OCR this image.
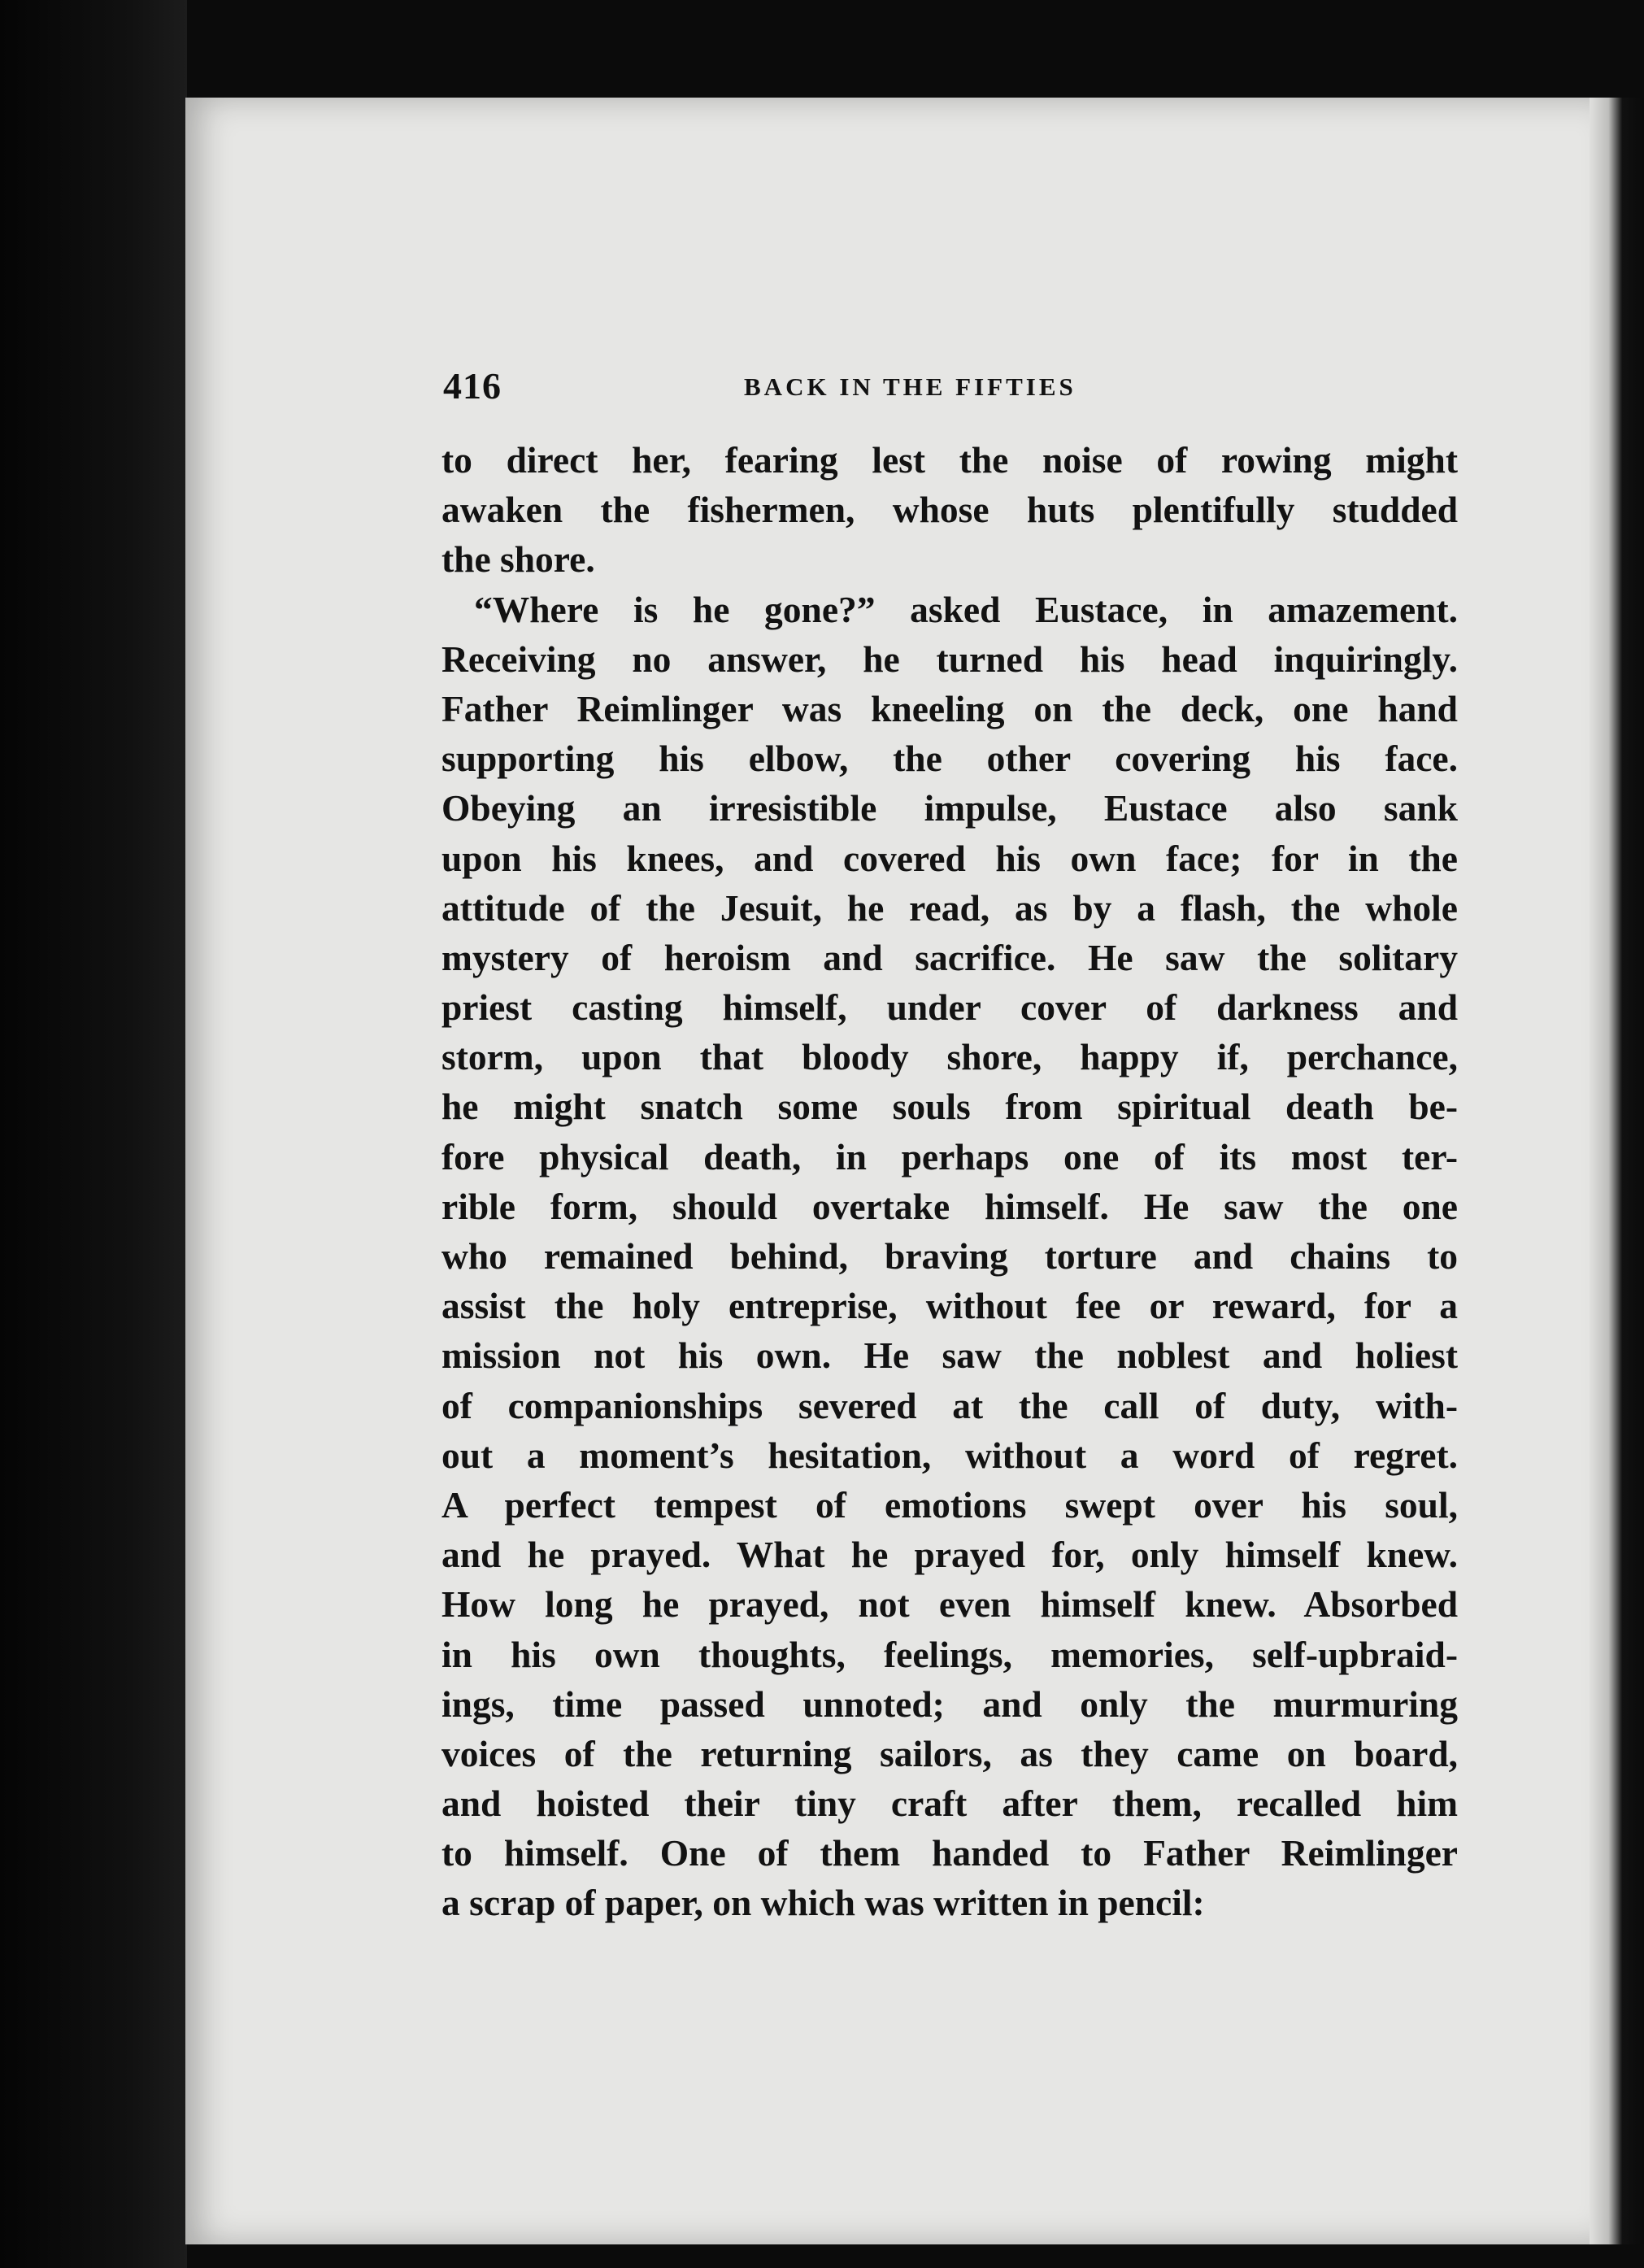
416	BACK IN THE FIFTIES
to direct her, fearing lest the noise of rowing might
awaken the fishermen, whose huts plentifully studded
the shore.
“Where is he gone?” asked Eustace, in amazement.
Receiving no answer, he turned his head inquiringly.
Father Reimlinger was kneeling on the deck, one hand
supporting his elbow, the other covering his face.
Obeying an irresistible impulse, Eustace also sank
upon his knees, and covered his own face; for in the
attitude of the Jesuit, he read, as by a flash, the whole
mystery of heroism and sacrifice. He saw the solitary
priest casting himself, under cover of darkness and
storm, upon that bloody shore, happy if, perchance,
he might snatch some souls from spiritual death be-
fore physical death, in perhaps one of its most ter-
rible form, should overtake himself. He saw the one
who remained behind, braving torture and chains to
assist the holy entreprise, without fee or reward, for a
mission not his own. He saw the noblest and holiest
of companionships severed at the call of duty, with-
out a moment’s hesitation, without a word of regret.
A perfect tempest of emotions swept over his soul,
and he prayed. What he prayed for, only himself knew.
How long he prayed, not even himself knew. Absorbed
in his own thoughts, feelings, memories, self-upbraid-
ings, time passed unnoted; and only the murmuring
voices of the returning sailors, as they came on board,
and hoisted their tiny craft after them, recalled him
to himself. One of them handed to Father Reimlinger
a scrap of paper, on which was written in pencil:
